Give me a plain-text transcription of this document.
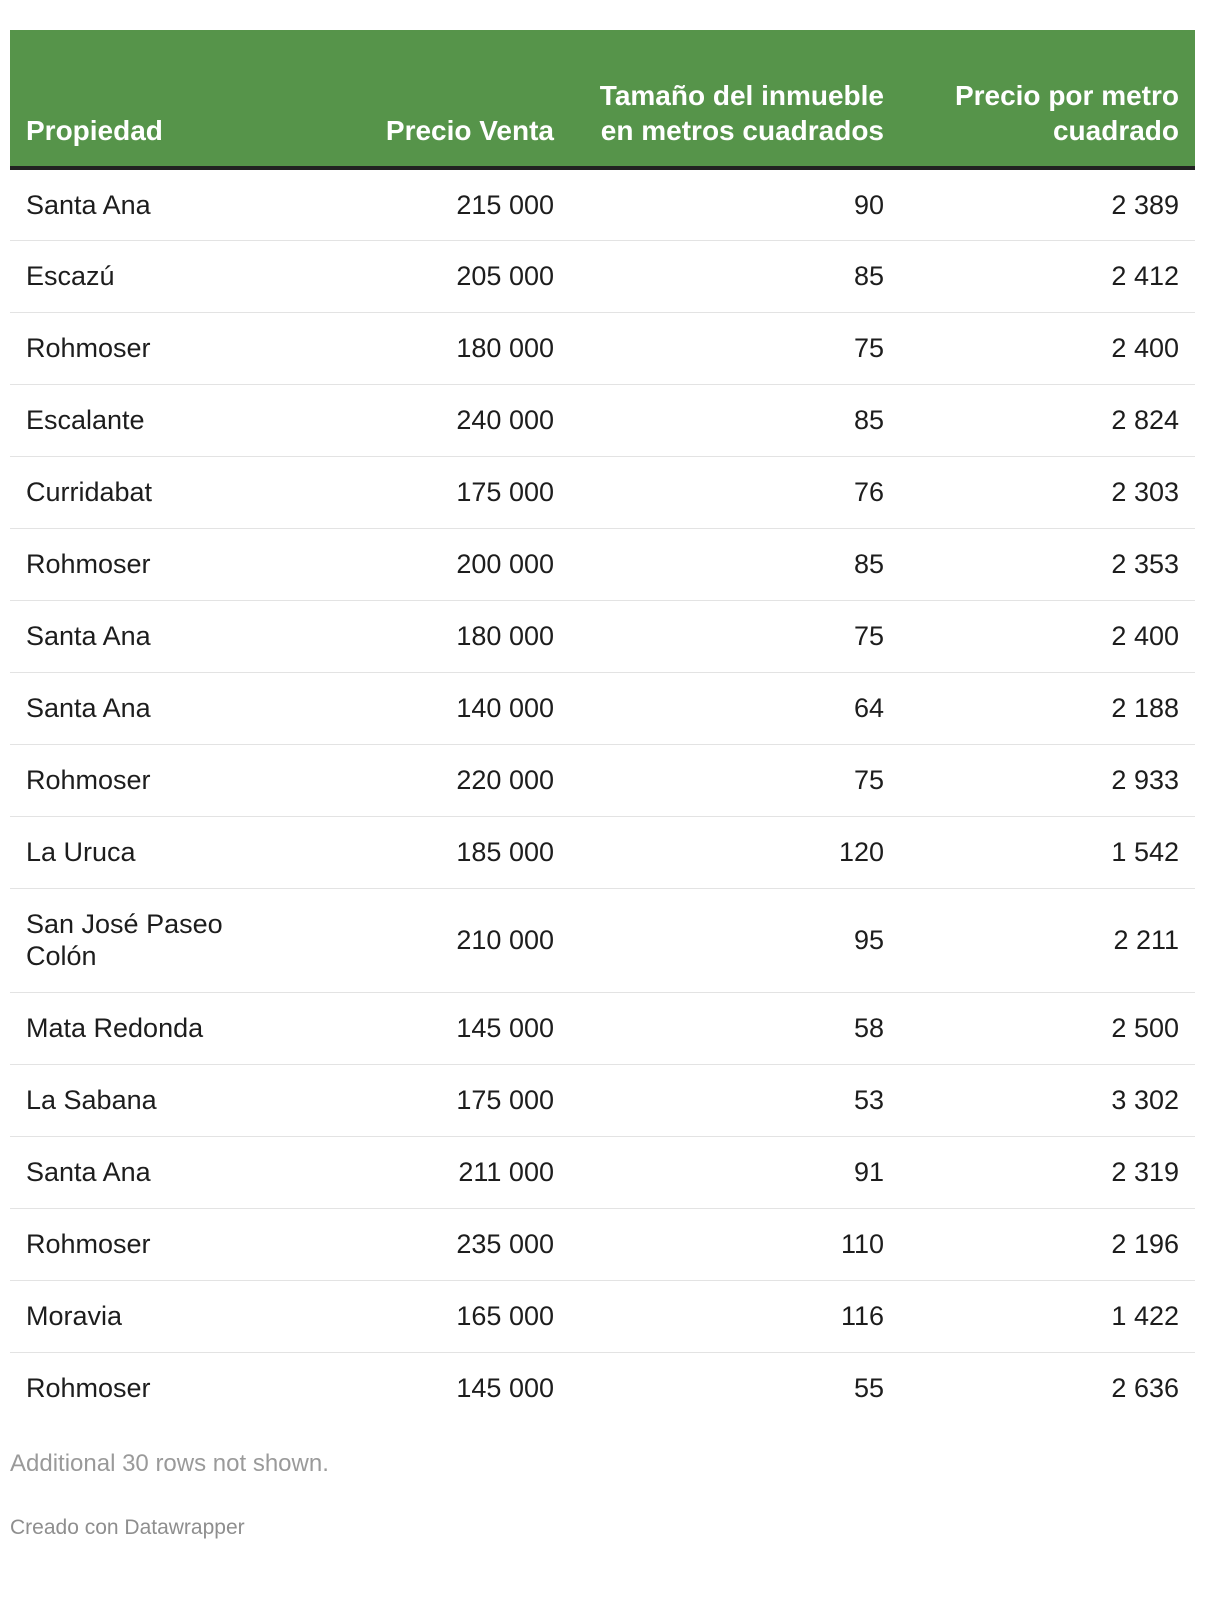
Propiedad	Precio Venta	Tamaño del inmueble en metros cuadrados	Precio por metro cuadrado
Santa Ana	215 000	90	2 389
Escazú	205 000	85	2 412
Rohmoser	180 000	75	2 400
Escalante	240 000	85	2 824
Curridabat	175 000	76	2 303
Rohmoser	200 000	85	2 353
Santa Ana	180 000	75	2 400
Santa Ana	140 000	64	2 188
Rohmoser	220 000	75	2 933
La Uruca	185 000	120	1 542
San José Paseo Colón	210 000	95	2 211
Mata Redonda	145 000	58	2 500
La Sabana	175 000	53	3 302
Santa Ana	211 000	91	2 319
Rohmoser	235 000	110	2 196
Moravia	165 000	116	1 422
Rohmoser	145 000	55	2 636
Additional 30 rows not shown.
Creado con Datawrapper
